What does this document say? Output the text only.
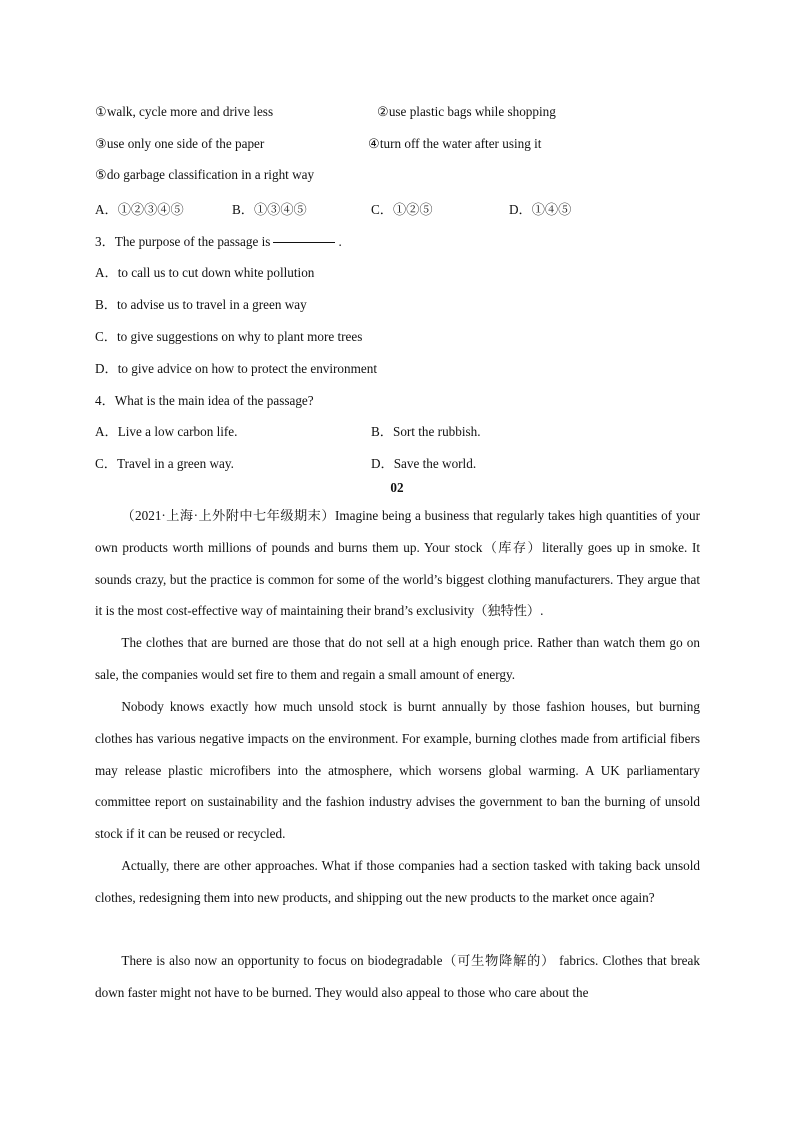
①walk, cycle more and drive less	②use plastic bags while shopping
③use only one side of the paper	④turn off the water after using it
⑤do garbage classification in a right way
A．①②③④⑤	B．①③④⑤	C．①②⑤	D．①④⑤
3．The purpose of the passage is	.
A．to call us to cut down white pollution
B．to advise us to travel in a green way
C．to give suggestions on why to plant more trees
D．to give advice on how to protect the environment
4．What is the main idea of the passage?
A．Live a low carbon life.	B．Sort the rubbish.
C．Travel in a green way.	D．Save the world.
02
（2021·上海·上外附中七年级期末）Imagine being a business that regularly takes high quantities of your own products worth millions of pounds and burns them up. Your stock（库存）literally goes up in smoke. It sounds crazy, but the practice is common for some of the world’s biggest clothing manufacturers. They argue that it is the most cost-effective way of maintaining their brand’s exclusivity（独特性）.
The clothes that are burned are those that do not sell at a high enough price. Rather than watch them go on sale, the companies would set fire to them and regain a small amount of energy.
Nobody knows exactly how much unsold stock is burnt annually by those fashion houses, but burning clothes has various negative impacts on the environment. For example, burning clothes made from artificial fibers may release plastic microfibers into the atmosphere, which worsens global warming. A UK parliamentary committee report on sustainability and the fashion industry advises the government to ban the burning of unsold stock if it can be reused or recycled.
Actually, there are other approaches. What if those companies had a section tasked with taking back unsold clothes, redesigning them into new products, and shipping out the new products to the market once again?
There is also now an opportunity to focus on biodegradable（可生物降解的） fabrics. Clothes that break down faster might not have to be burned. They would also appeal to those who care about the
